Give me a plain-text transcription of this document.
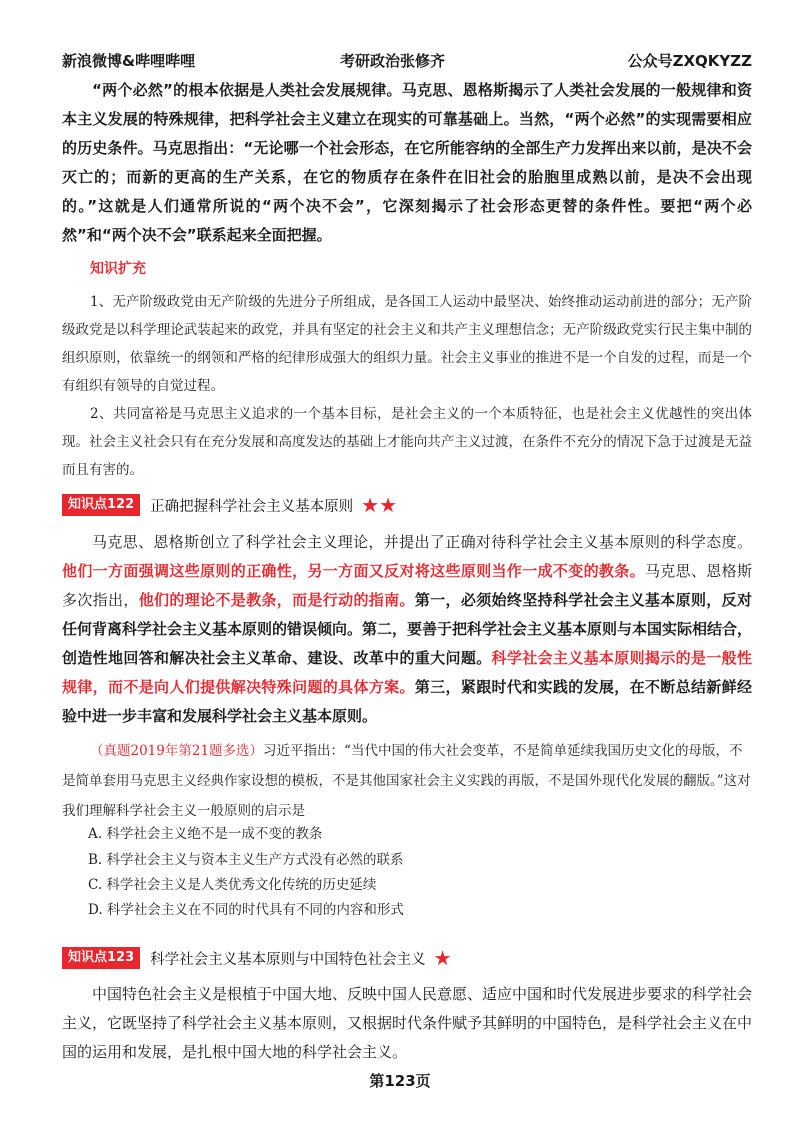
新浪微博&哔哩哔哩	考研政治张修齐	公众号ZXQKYZZ

“两个必然”的根本依据是人类社会发展规律。马克思、恩格斯揭示了人类社会发展的一般规律和资本主义发展的特殊规律，把科学社会主义建立在现实的可靠基础上。当然，“两个必然”的实现需要相应的历史条件。马克思指出：“无论哪一个社会形态，在它所能容纳的全部生产力发挥出来以前，是决不会灭亡的；而新的更高的生产关系，在它的物质存在条件在旧社会的胎胞里成熟以前，是决不会出现的。”这就是人们通常所说的“两个决不会”，它深刻揭示了社会形态更替的条件性。要把“两个必然”和“两个决不会”联系起来全面把握。

知识扩充

1、无产阶级政党由无产阶级的先进分子所组成，是各国工人运动中最坚决、始终推动运动前进的部分；无产阶级政党是以科学理论武装起来的政党，并具有坚定的社会主义和共产主义理想信念；无产阶级政党实行民主集中制的组织原则，依靠统一的纲领和严格的纪律形成强大的组织力量。社会主义事业的推进不是一个自发的过程，而是一个有组织有领导的自觉过程。

2、共同富裕是马克思主义追求的一个基本目标，是社会主义的一个本质特征，也是社会主义优越性的突出体现。社会主义社会只有在充分发展和高度发达的基础上才能向共产主义过渡，在条件不充分的情况下急于过渡是无益而且有害的。

知识点122	正确把握科学社会主义基本原则 ★★

马克思、恩格斯创立了科学社会主义理论，并提出了正确对待科学社会主义基本原则的科学态度。他们一方面强调这些原则的正确性，另一方面又反对将这些原则当作一成不变的教条。马克思、恩格斯多次指出，他们的理论不是教条，而是行动的指南。第一，必须始终坚持科学社会主义基本原则，反对任何背离科学社会主义基本原则的错误倾向。第二，要善于把科学社会主义基本原则与本国实际相结合，创造性地回答和解决社会主义革命、建设、改革中的重大问题。科学社会主义基本原则揭示的是一般性规律，而不是向人们提供解决特殊问题的具体方案。第三，紧跟时代和实践的发展，在不断总结新鲜经验中进一步丰富和发展科学社会主义基本原则。

（真题2019年第21题多选）习近平指出：“当代中国的伟大社会变革，不是简单延续我国历史文化的母版，不是简单套用马克思主义经典作家设想的模板，不是其他国家社会主义实践的再版，不是国外现代化发展的翻版。”这对我们理解科学社会主义一般原则的启示是

A. 科学社会主义绝不是一成不变的教条
B. 科学社会主义与资本主义生产方式没有必然的联系
C. 科学社会主义是人类优秀文化传统的历史延续
D. 科学社会主义在不同的时代具有不同的内容和形式
知识点123	科学社会主义基本原则与中国特色社会主义 ★

中国特色社会主义是根植于中国大地、反映中国人民意愿、适应中国和时代发展进步要求的科学社会主义，它既坚持了科学社会主义基本原则，又根据时代条件赋予其鲜明的中国特色，是科学社会主义在中国的运用和发展，是扎根中国大地的科学社会主义。

第123页
